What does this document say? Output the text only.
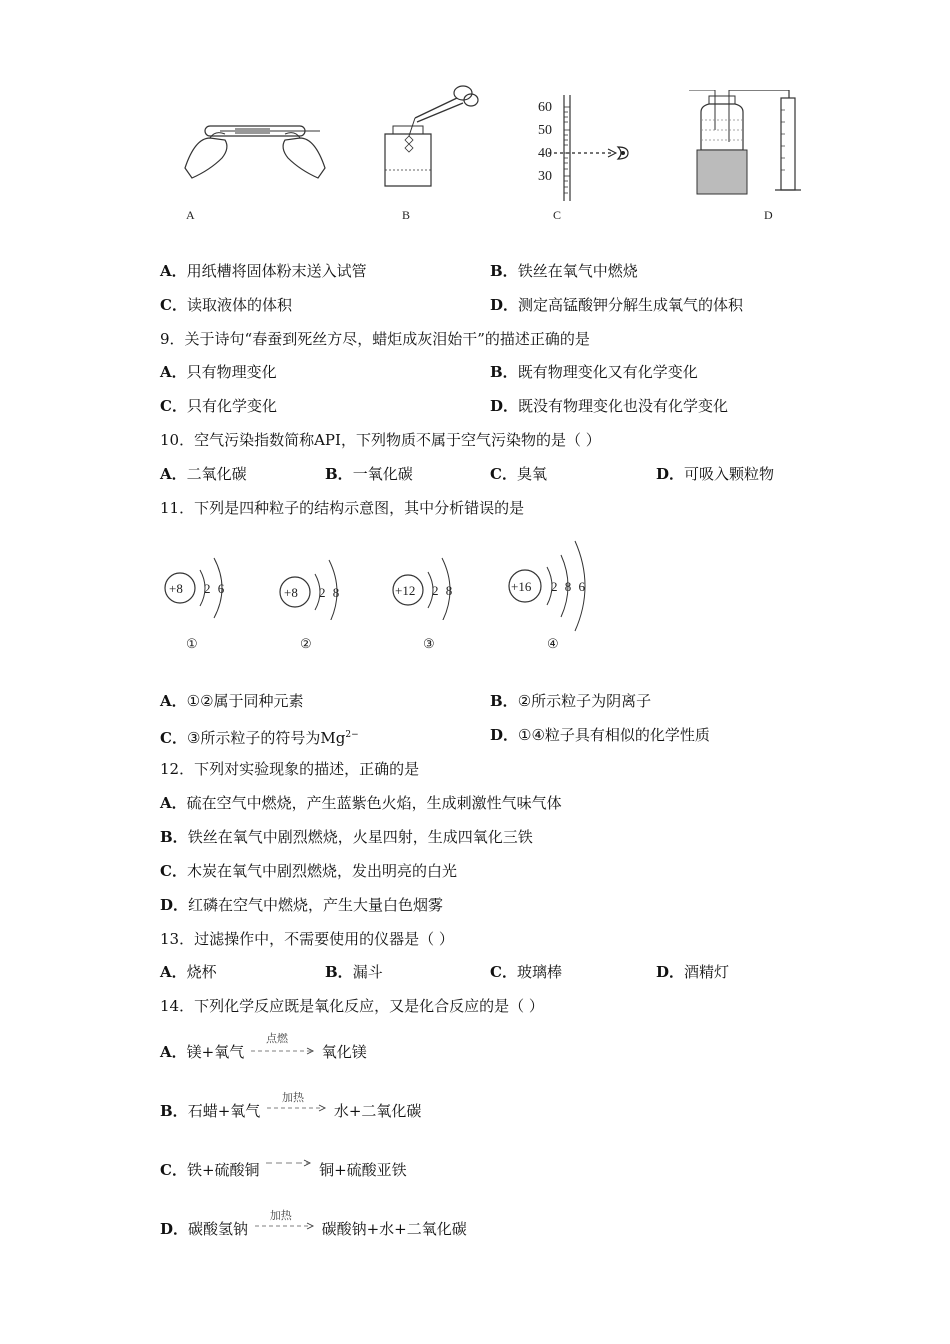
A	B
60
50
40
30
C	D
A．用纸槽将固体粉末送入试管	B．铁丝在氧气中燃烧
C．读取液体的体积	D．测定高锰酸钾分解生成氧气的体积
9．关于诗句“春蚕到死丝方尽，蜡炬成灰泪始干”的描述正确的是
A．只有物理变化	B．既有物理变化又有化学变化
C．只有化学变化	D．既没有物理变化也没有化学变化
10．空气污染指数简称API，下列物质不属于空气污染物的是（ ）
A．二氧化碳	B．一氧化碳	C．臭氧	D．可吸入颗粒物
11．下列是四种粒子的结构示意图，其中分析错误的是
+8 2 6
①
+8 2 8
②
+12 2 8
③
+16 2 8 6
④
A．①②属于同种元素	B．②所示粒子为阴离子
C．③所示粒子的符号为$Mg^{2-}$	D．①④粒子具有相似的化学性质
12．下列对实验现象的描述，正确的是
A．硫在空气中燃烧，产生蓝紫色火焰，生成刺激性气味气体
B．铁丝在氧气中剧烈燃烧，火星四射，生成四氧化三铁
C．木炭在氧气中剧烈燃烧，发出明亮的白光
D．红磷在空气中燃烧，产生大量白色烟雾
13．过滤操作中，不需要使用的仪器是（ ）
A．烧杯	B．漏斗	C．玻璃棒	D．酒精灯
14．下列化学反应既是氧化反应，又是化合反应的是（ ）
A．镁+氧气
点燃
氧化镁
B．石蜡+氧气
加热
水+二氧化碳
C．铁+硫酸铜 → 铜+硫酸亚铁
D．碳酸氢钠
加热
碳酸钠+水+二氧化碳
